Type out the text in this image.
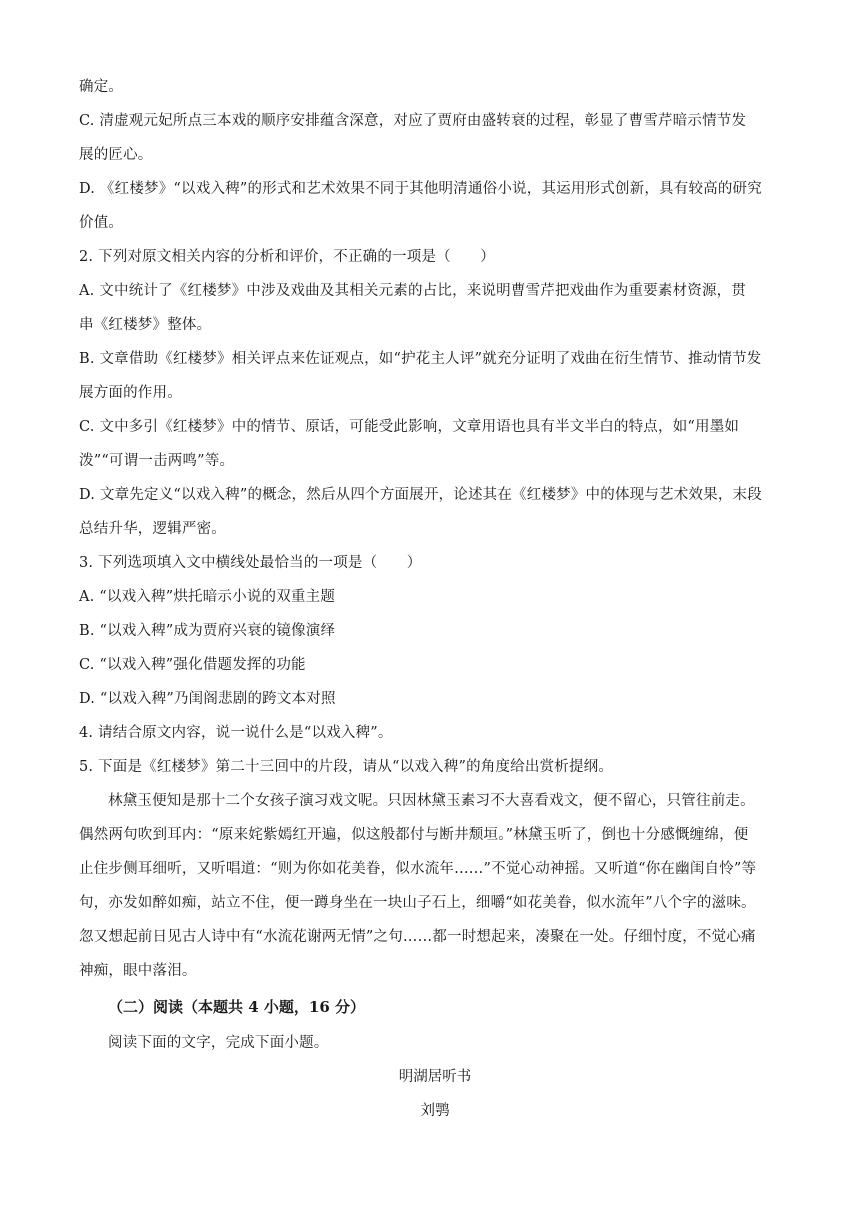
确定。
C. 清虚观元妃所点三本戏的顺序安排蕴含深意，对应了贾府由盛转衰的过程，彰显了曹雪芹暗示情节发
展的匠心。
D. 《红楼梦》“以戏入稗”的形式和艺术效果不同于其他明清通俗小说，其运用形式创新，具有较高的研究
价值。
2. 下列对原文相关内容的分析和评价，不正确的一项是（　　）
A. 文中统计了《红楼梦》中涉及戏曲及其相关元素的占比，来说明曹雪芹把戏曲作为重要素材资源，贯
串《红楼梦》整体。
B. 文章借助《红楼梦》相关评点来佐证观点，如“护花主人评”就充分证明了戏曲在衍生情节、推动情节发
展方面的作用。
C. 文中多引《红楼梦》中的情节、原话，可能受此影响，文章用语也具有半文半白的特点，如“用墨如
泼”“可谓一击两鸣”等。
D. 文章先定义“以戏入稗”的概念，然后从四个方面展开，论述其在《红楼梦》中的体现与艺术效果，末段
总结升华，逻辑严密。
3. 下列选项填入文中横线处最恰当的一项是（　　）
A. “以戏入稗”烘托暗示小说的双重主题
B. “以戏入稗”成为贾府兴衰的镜像演绎
C. “以戏入稗”强化借题发挥的功能
D. “以戏入稗”乃闺阁悲剧的跨文本对照
4. 请结合原文内容，说一说什么是“以戏入稗”。
5. 下面是《红楼梦》第二十三回中的片段，请从“以戏入稗”的角度给出赏析提纲。
林黛玉便知是那十二个女孩子演习戏文呢。只因林黛玉素习不大喜看戏文，便不留心，只管往前走。
偶然两句吹到耳内：“原来姹紫嫣红开遍，似这般都付与断井颓垣。”林黛玉听了，倒也十分感慨缠绵，便
止住步侧耳细听，又听唱道：“则为你如花美眷，似水流年……”不觉心动神摇。又听道“你在幽闺自怜”等
句，亦发如醉如痴，站立不住，便一蹲身坐在一块山子石上，细嚼“如花美眷，似水流年”八个字的滋味。
忽又想起前日见古人诗中有“水流花谢两无情”之句……都一时想起来，凑聚在一处。仔细忖度，不觉心痛
神痴，眼中落泪。
（二）阅读（本题共 4 小题，16 分）
阅读下面的文字，完成下面小题。
明湖居听书
刘鹗
